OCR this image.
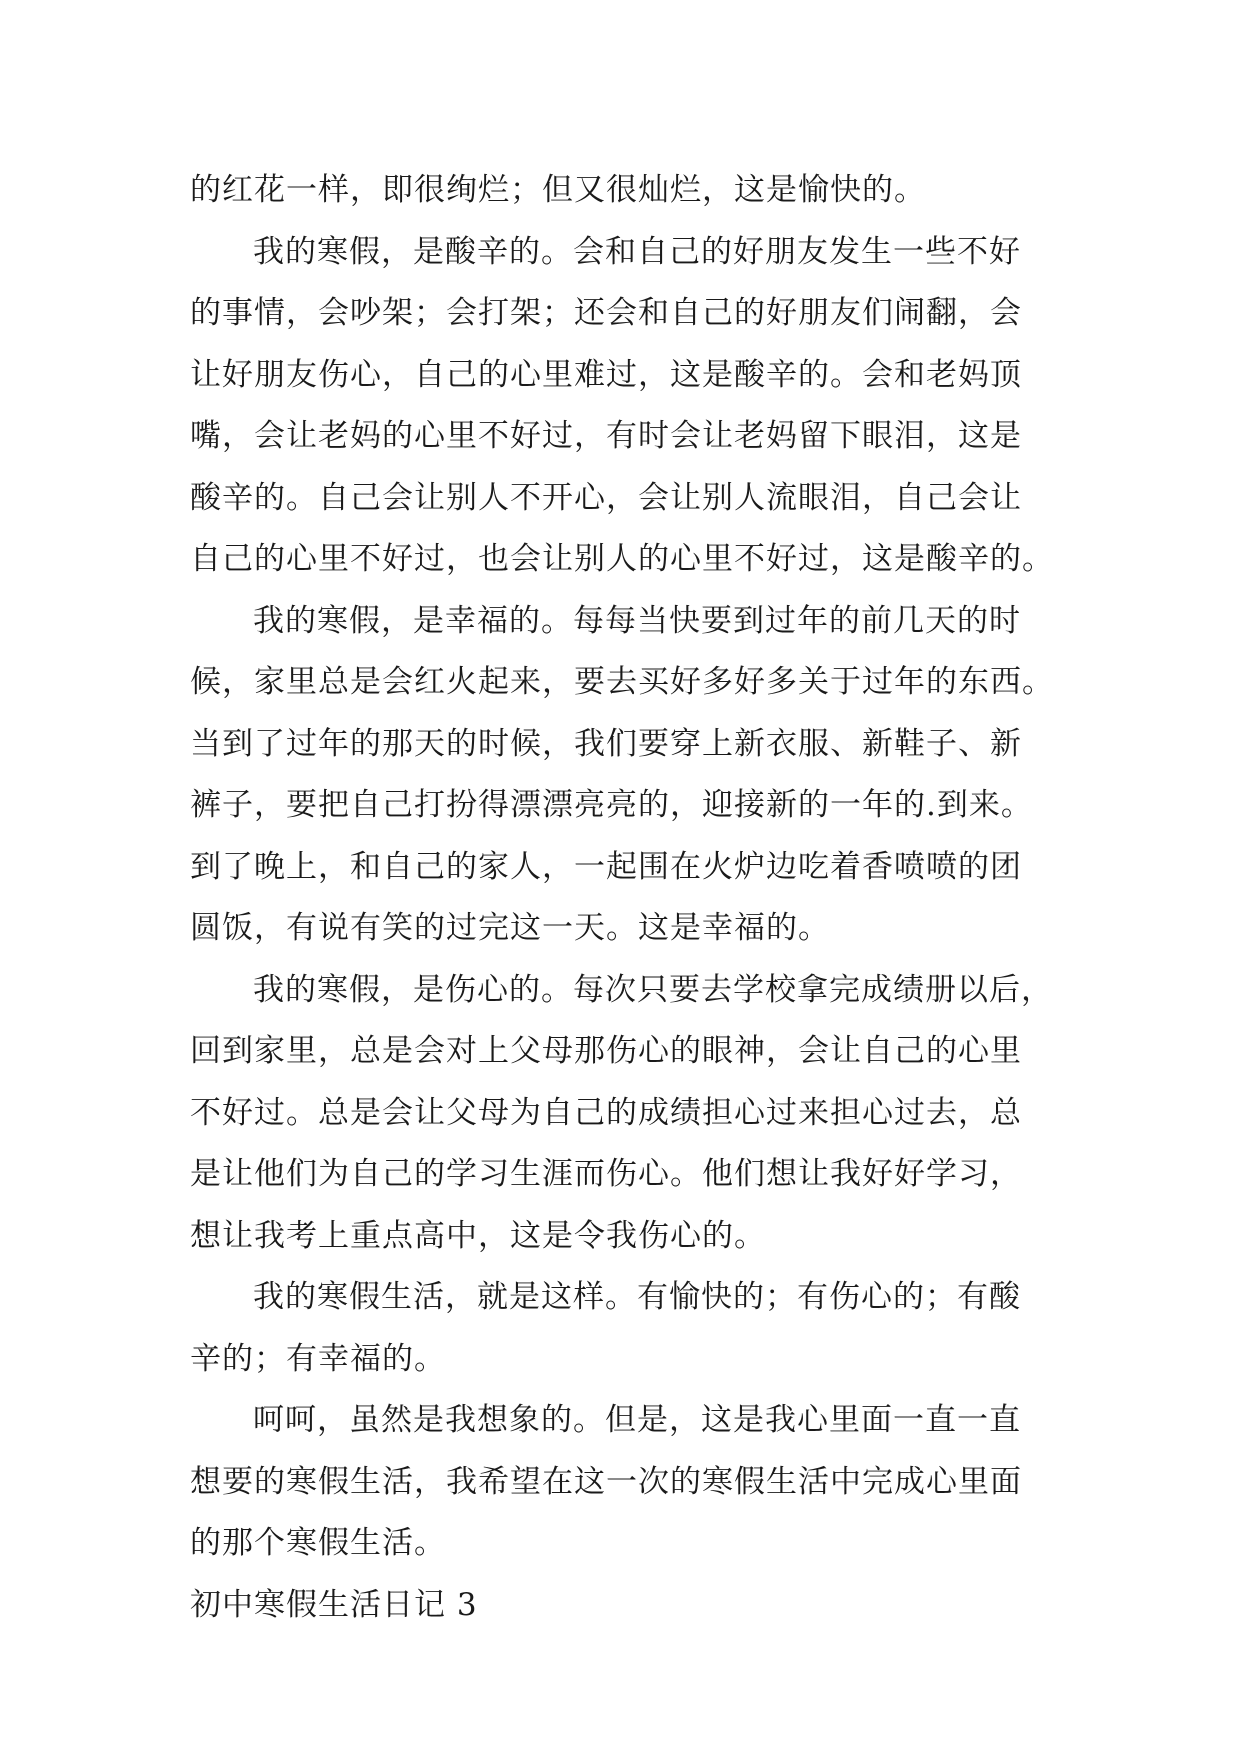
的红花一样，即很绚烂；但又很灿烂，这是愉快的。
我的寒假，是酸辛的。会和自己的好朋友发生一些不好
的事情，会吵架；会打架；还会和自己的好朋友们闹翻，会
让好朋友伤心，自己的心里难过，这是酸辛的。会和老妈顶
嘴，会让老妈的心里不好过，有时会让老妈留下眼泪，这是
酸辛的。自己会让别人不开心，会让别人流眼泪，自己会让
自己的心里不好过，也会让别人的心里不好过，这是酸辛的。
我的寒假，是幸福的。每每当快要到过年的前几天的时
候，家里总是会红火起来，要去买好多好多关于过年的东西。
当到了过年的那天的时候，我们要穿上新衣服、新鞋子、新
裤子，要把自己打扮得漂漂亮亮的，迎接新的一年的.到来。
到了晚上，和自己的家人，一起围在火炉边吃着香喷喷的团
圆饭，有说有笑的过完这一天。这是幸福的。
我的寒假，是伤心的。每次只要去学校拿完成绩册以后，
回到家里，总是会对上父母那伤心的眼神，会让自己的心里
不好过。总是会让父母为自己的成绩担心过来担心过去，总
是让他们为自己的学习生涯而伤心。他们想让我好好学习，
想让我考上重点高中，这是令我伤心的。
我的寒假生活，就是这样。有愉快的；有伤心的；有酸
辛的；有幸福的。
呵呵，虽然是我想象的。但是，这是我心里面一直一直
想要的寒假生活，我希望在这一次的寒假生活中完成心里面
的那个寒假生活。
初中寒假生活日记 3
